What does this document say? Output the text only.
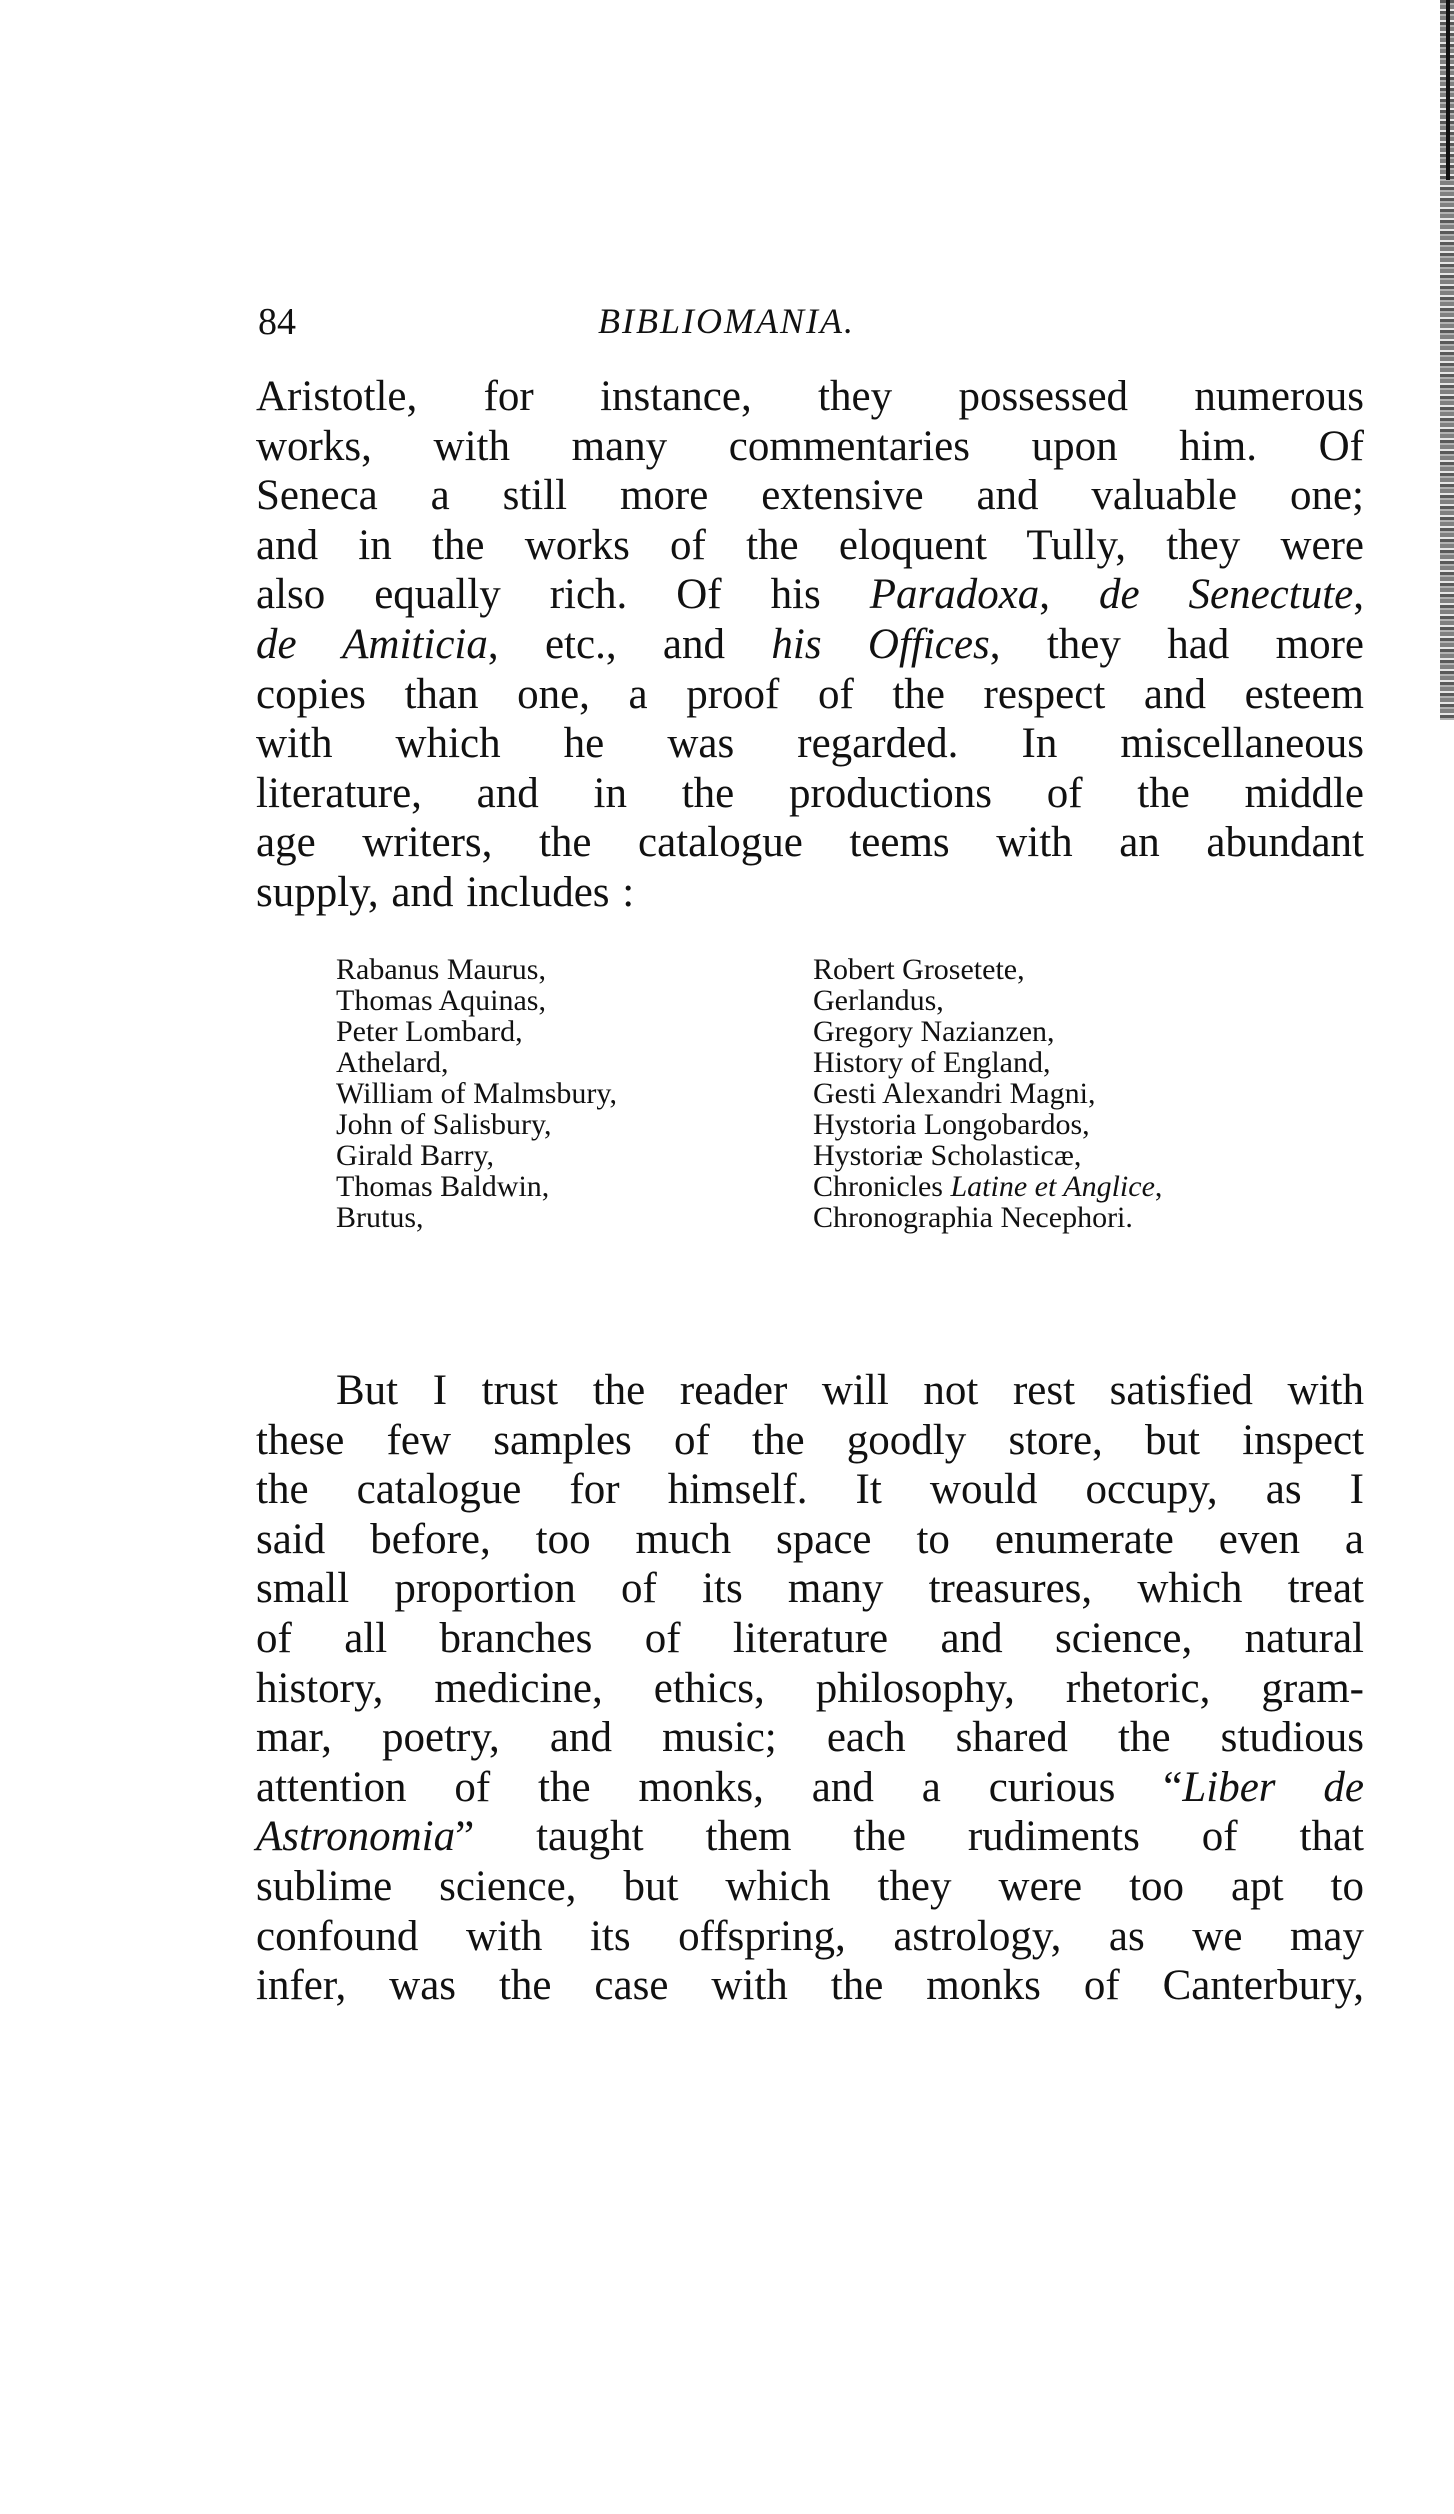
84	BIBLIOMANIA.
Aristotle, for instance, they possessed numerous
works, with many commentaries upon him. Of
Seneca a still more extensive and valuable one;
and in the works of the eloquent Tully, they were
also equally rich. Of his Paradoxa, de Senectute,
de Amiticia, etc., and his Offices, they had more
copies than one, a proof of the respect and esteem
with which he was regarded. In miscellaneous
literature, and in the productions of the middle
age writers, the catalogue teems with an abundant
supply, and includes :
Rabanus Maurus,
Thomas Aquinas,
Peter Lombard,
Athelard,
William of Malmsbury,
John of Salisbury,
Girald Barry,
Thomas Baldwin,
Brutus,
Robert Grosetete,
Gerlandus,
Gregory Nazianzen,
History of England,
Gesti Alexandri Magni,
Hystoria Longobardos,
Hystoriæ Scholasticæ,
Chronicles Latine et Anglice,
Chronographia Necephori.
But I trust the reader will not rest satisfied with
these few samples of the goodly store, but inspect
the catalogue for himself. It would occupy, as I
said before, too much space to enumerate even a
small proportion of its many treasures, which treat
of all branches of literature and science, natural
history, medicine, ethics, philosophy, rhetoric, gram-
mar, poetry, and music; each shared the studious
attention of the monks, and a curious “Liber de
Astronomia” taught them the rudiments of that
sublime science, but which they were too apt to
confound with its offspring, astrology, as we may
infer, was the case with the monks of Canterbury,
